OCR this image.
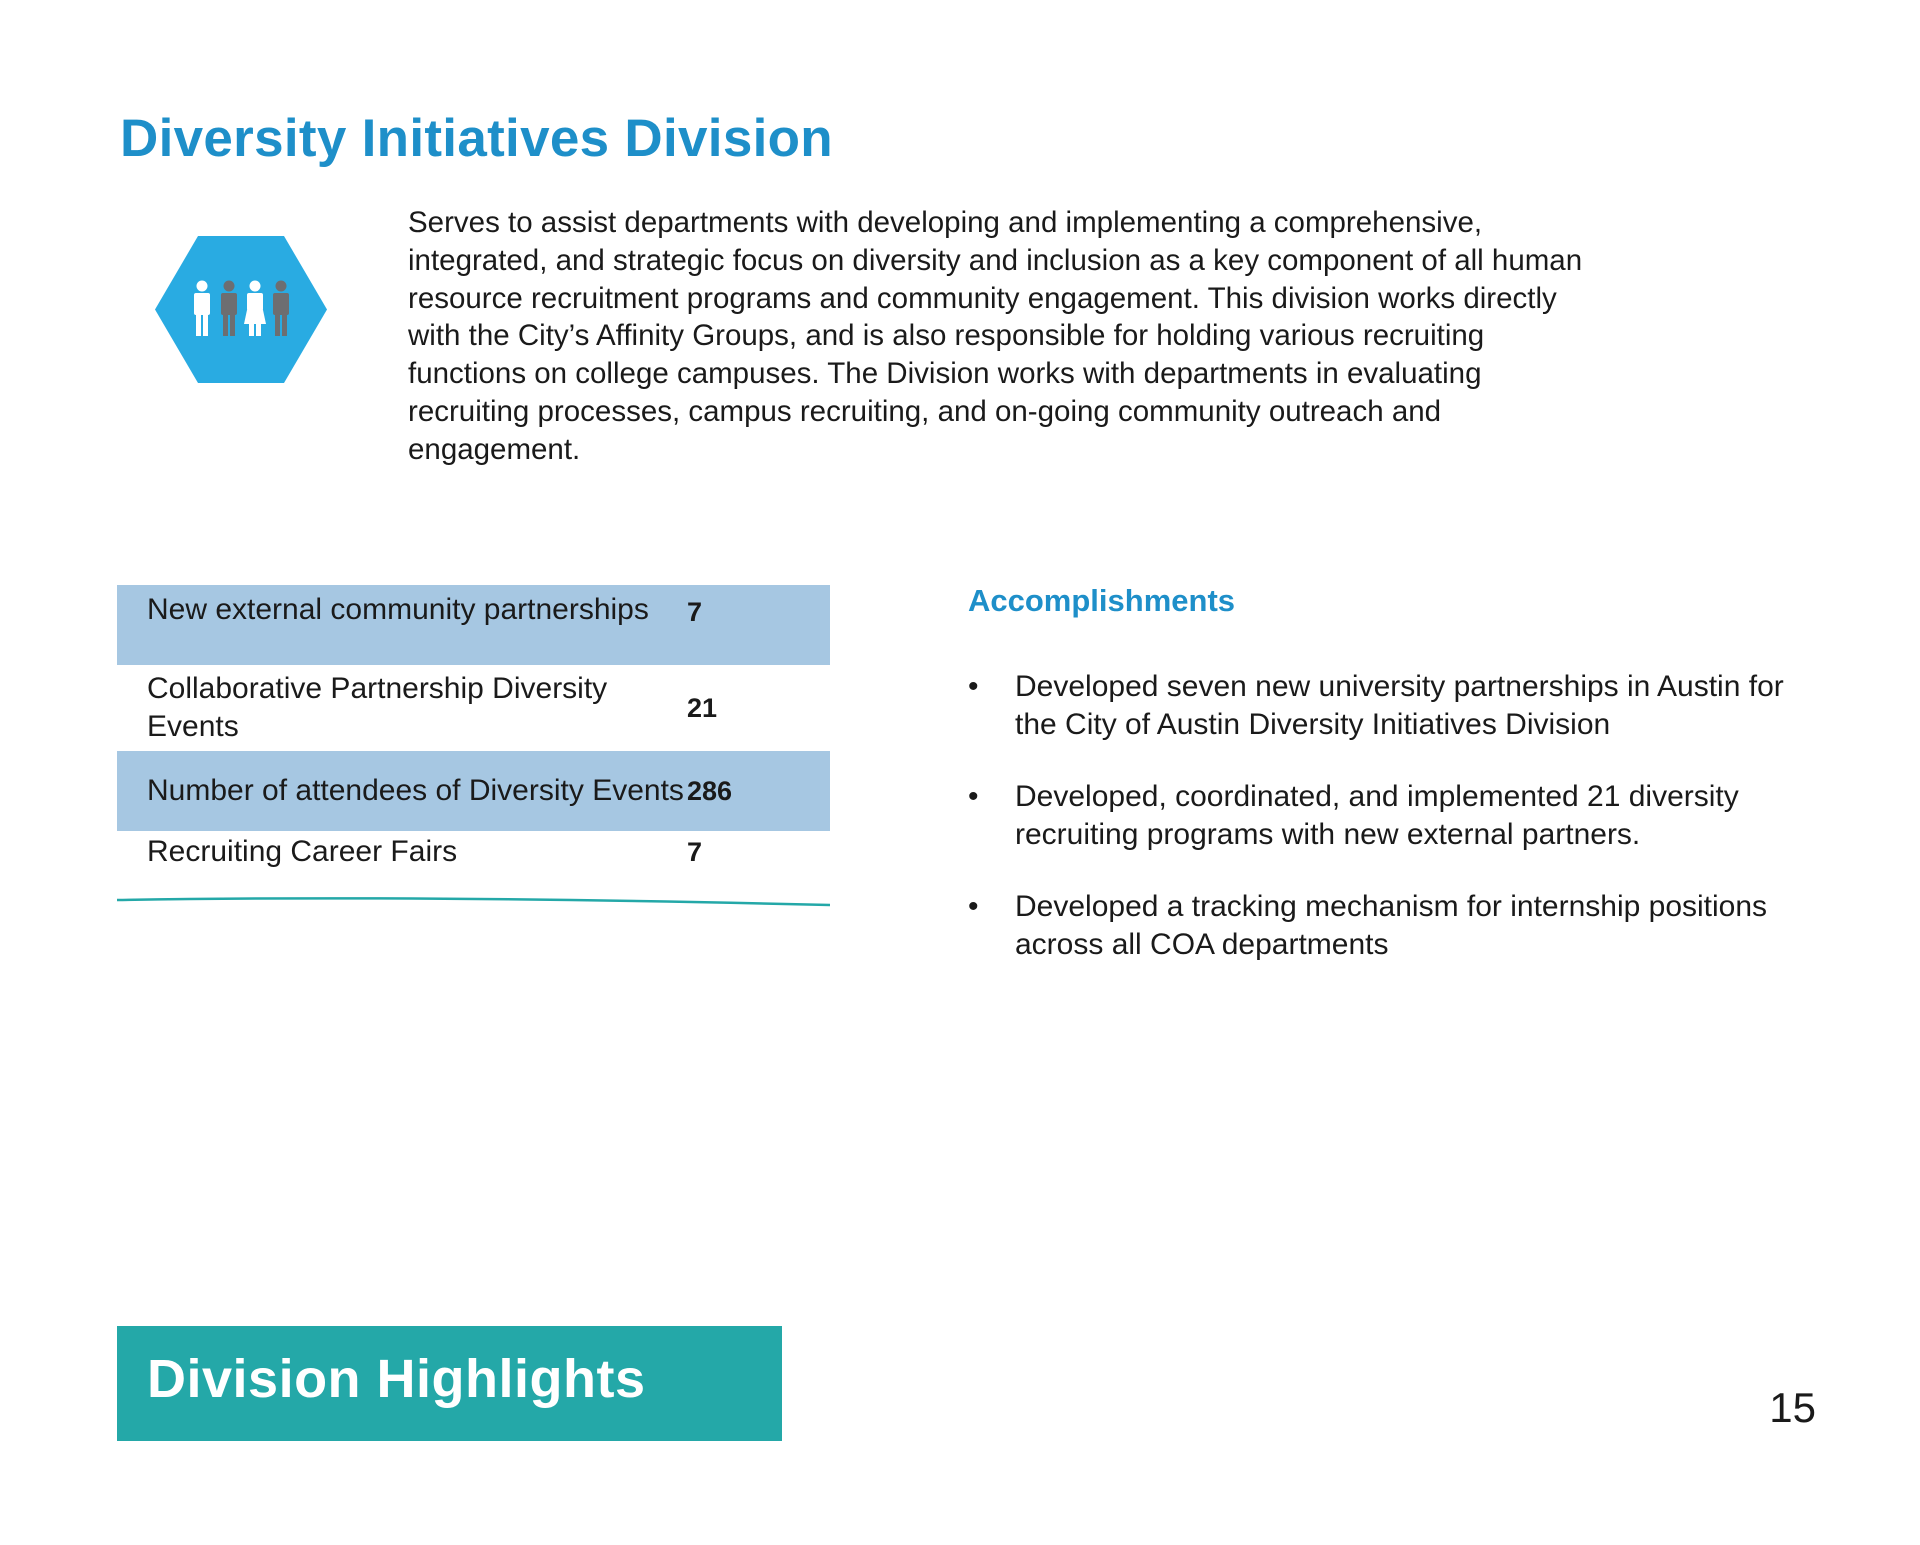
Diversity Initiatives Division

Serves to assist departments with developing and implementing a comprehensive, integrated, and strategic focus on diversity and inclusion as a key component of all human resource recruitment programs and community engagement. This division works directly with the City’s Affinity Groups, and is also responsible for holding various recruiting functions on college campuses. The Division works with departments in evaluating recruiting processes, campus recruiting, and on-going community outreach and engagement.

New external community partnerships	7
Collaborative Partnership Diversity Events	21
Number of attendees of Diversity Events	286
Recruiting Career Fairs	7
Accomplishments
• Developed seven new university partnerships in Austin for the City of Austin Diversity Initiatives Division
• Developed, coordinated, and implemented 21 diversity recruiting programs with new external partners.
• Developed a tracking mechanism for internship positions across all COA departments
Division Highlights	15
